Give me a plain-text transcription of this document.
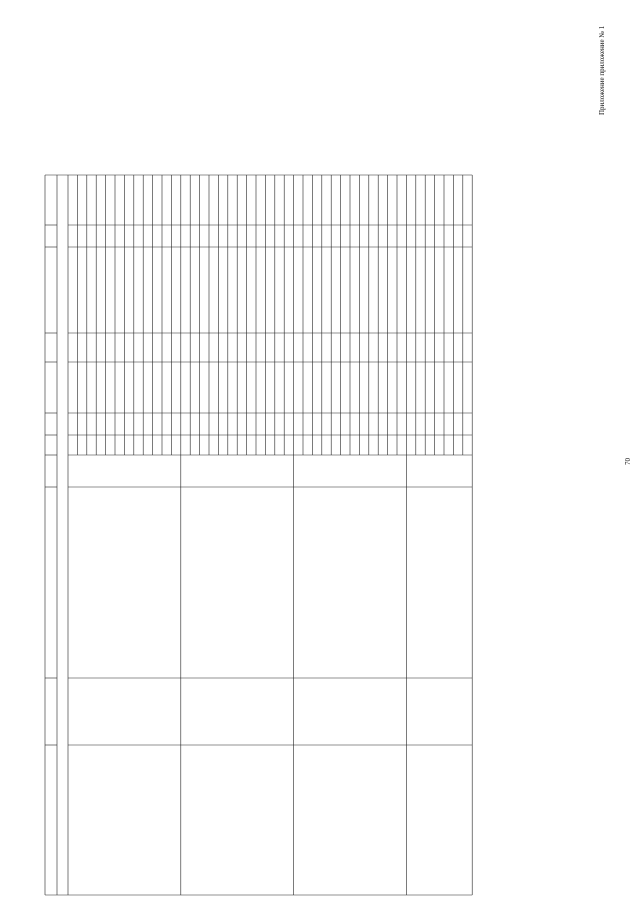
70
Приложение приложение № 1
